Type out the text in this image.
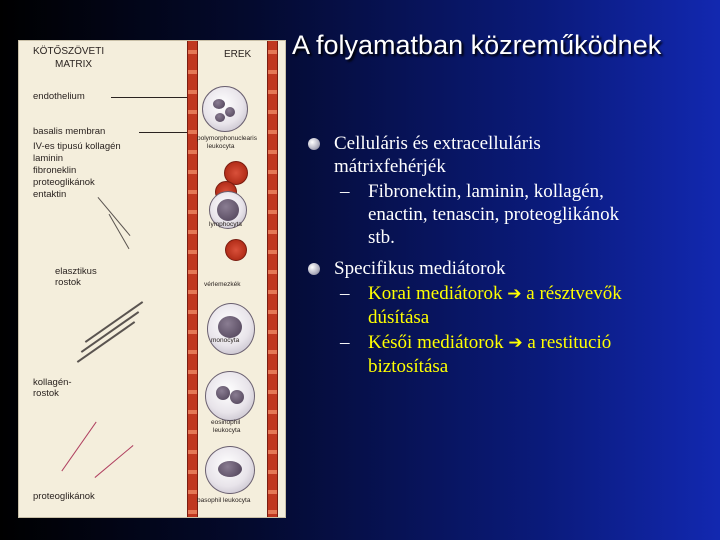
A folyamatban közreműködnek
KÖTŐSZÖVETI
MATRIX
EREK
endothelium
basalis membran
IV-es tipusú kollagén
laminin
fibroneklin
proteoglikánok
entaktin
elasztikus
rostok
kollagén-
rostok
proteoglikánok
polymorphonuclearis
leukocyta
lymphocyta
vérlemezkék
monocyta
eosinophil
leukocyta
basophil leukocyta
Celluláris és extracelluláris
mátrixfehérjék
– Fibronektin, laminin, kollagén,
enactin, tenascin, proteoglikánok
stb.
Specifikus mediátorok
– Korai mediátorok ➔ a résztvevők
dúsítása
– Késői mediátorok ➔ a restitució
biztosítása
